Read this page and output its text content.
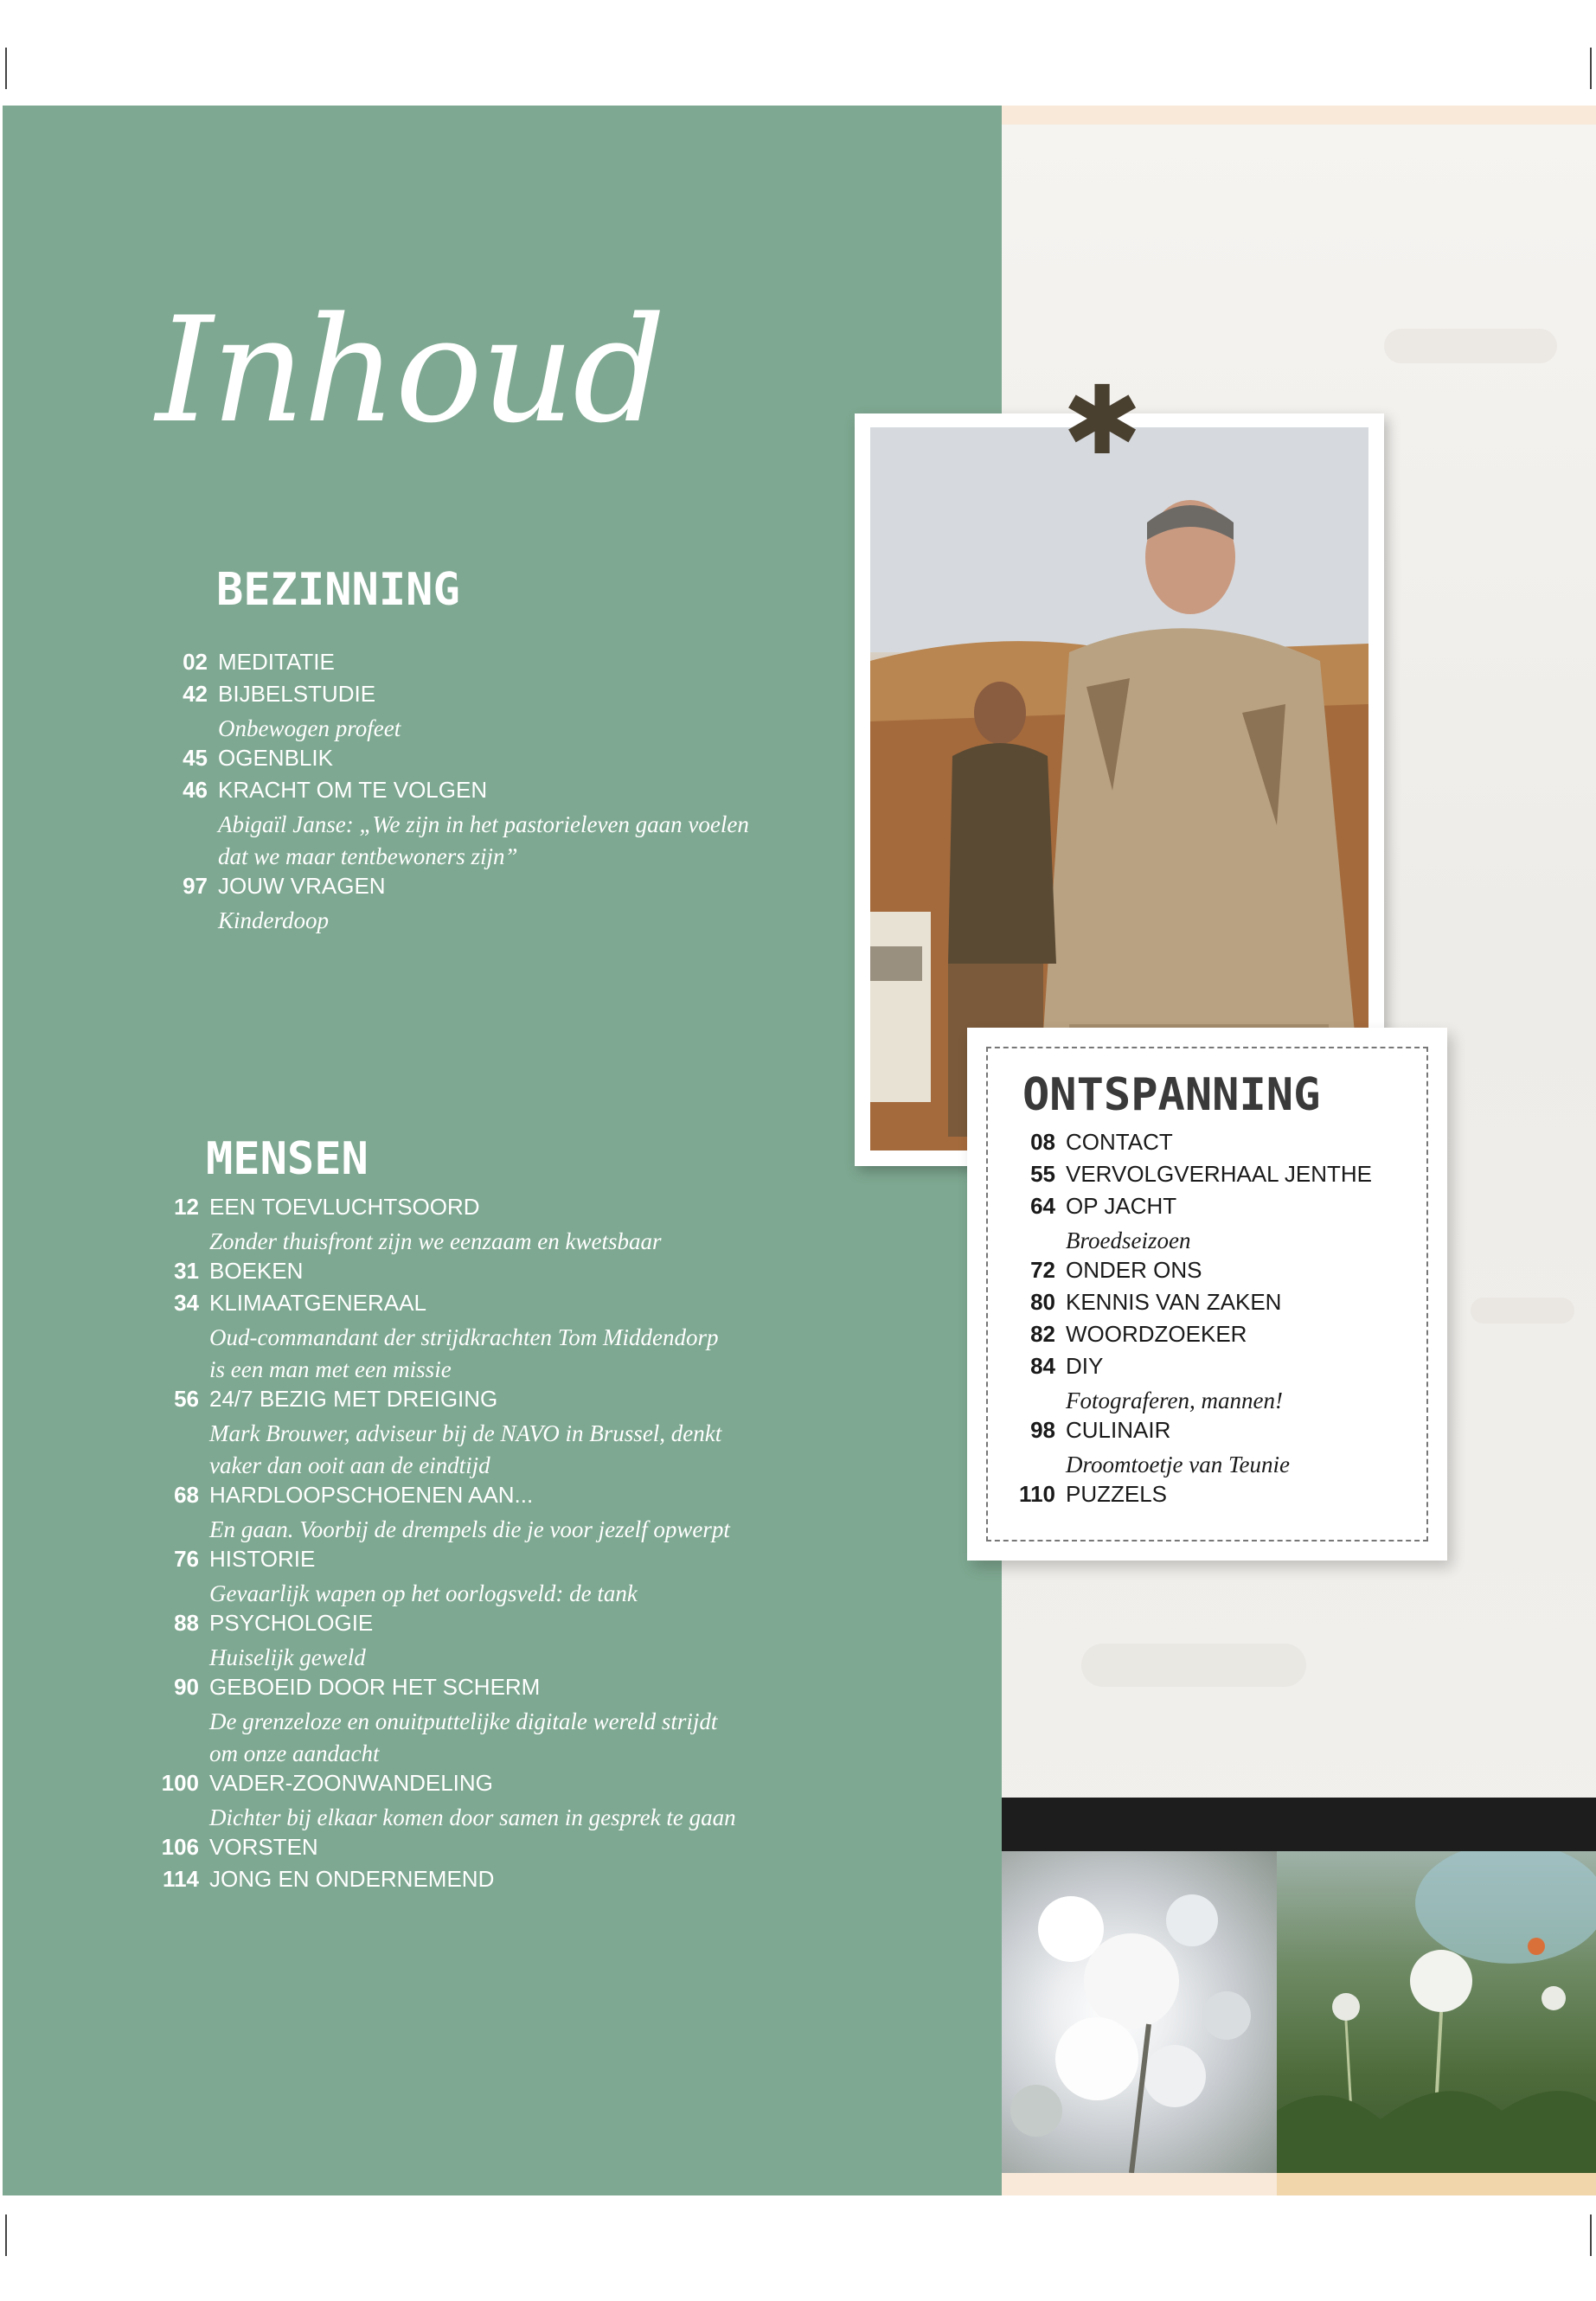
Inhoud
BEZINNING
02 MEDITATIE
42 BIJBELSTUDIE
Onbewogen profeet
45 OGENBLIK
46 KRACHT OM TE VOLGEN
Abigaïl Janse: „We zijn in het pastorieleven gaan voelen
dat we maar tentbewoners zijn”
97 JOUW VRAGEN
Kinderdoop
MENSEN
12 EEN TOEVLUCHTSOORD
Zonder thuisfront zijn we eenzaam en kwetsbaar
31 BOEKEN
34 KLIMAATGENERAAL
Oud-commandant der strijdkrachten Tom Middendorp
is een man met een missie
56 24/7 BEZIG MET DREIGING
Mark Brouwer, adviseur bij de NAVO in Brussel, denkt
vaker dan ooit aan de eindtijd
68 HARDLOOPSCHOENEN AAN...
En gaan. Voorbij de drempels die je voor jezelf opwerpt
76 HISTORIE
Gevaarlijk wapen op het oorlogsveld: de tank
88 PSYCHOLOGIE
Huiselijk geweld
90 GEBOEID DOOR HET SCHERM
De grenzeloze en onuitputtelijke digitale wereld strijdt
om onze aandacht
100 VADER-ZOONWANDELING
Dichter bij elkaar komen door samen in gesprek te gaan
106 VORSTEN
114 JONG EN ONDERNEMEND
✱
ONTSPANNING
08 CONTACT
55 VERVOLGVERHAAL JENTHE
64 OP JACHT
Broedseizoen
72 ONDER ONS
80 KENNIS VAN ZAKEN
82 WOORDZOEKER
84 DIY
Fotograferen, mannen!
98 CULINAIR
Droomtoetje van Teunie
110 PUZZELS
